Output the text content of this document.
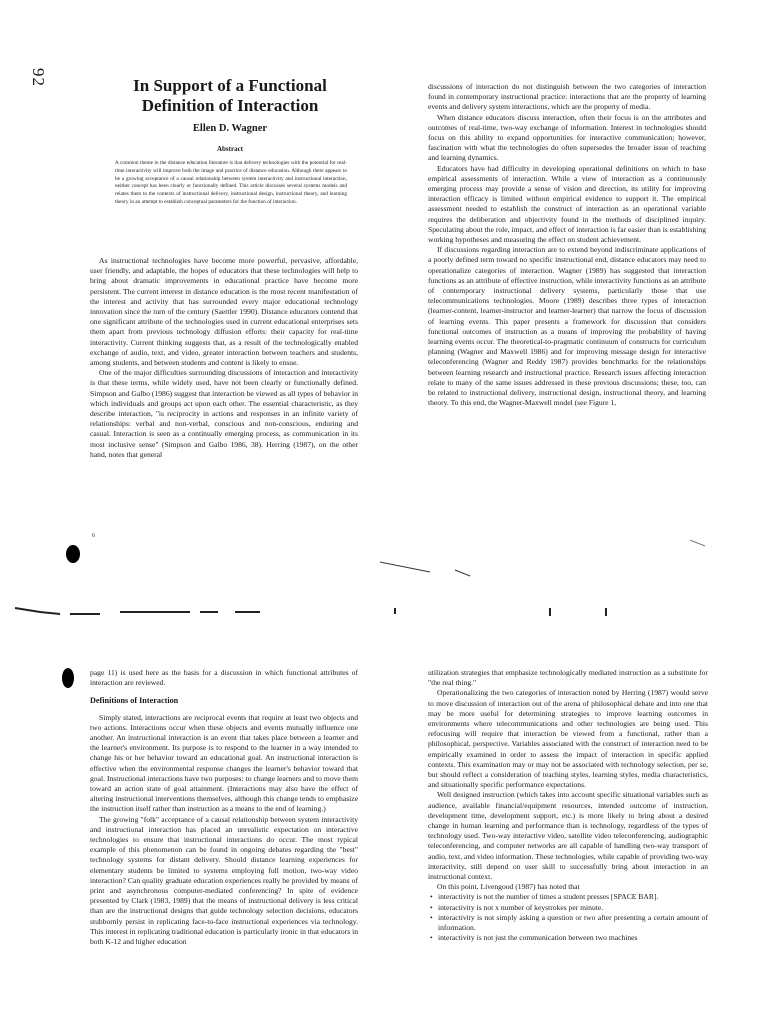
92	In Support of a Functional
Definition of Interaction
Ellen D. Wagner
Abstract
A common theme in the distance education literature is that delivery technologies with the potential for real-time interactivity will improve both the image and practice of distance education. Although there appears to be a growing acceptance of a causal relationship between system interactivity and instructional interaction, neither concept has been clearly or functionally defined. This article discusses several systems models and relates them to the contexts of instructional delivery, instructional design, instructional theory, and learning theory in an attempt to establish conceptual parameters for the function of interaction.

As instructional technologies have become more powerful, pervasive, affordable, user friendly, and adaptable, the hopes of educators that these technologies will help to bring about dramatic improvements in educational practice have become more persistent. The current interest in distance education is the most recent manifestation of the interest and activity that has surrounded every major educational technology innovation since the turn of the century (Saettler 1990). Distance educators contend that one significant attribute of the technologies used in current educational enterprises sets them apart from previous technology diffusion efforts: their capacity for real-time interactivity. Current thinking suggests that, as a result of the technologically enabled exchange of audio, text, and video, greater interaction between teachers and students, among students, and between students and content is likely to ensue.

One of the major difficulties surrounding discussions of interaction and interactivity is that these terms, while widely used, have not been clearly or functionally defined. Simpson and Galbo (1986) suggest that interaction be viewed as all types of behavior in which individuals and groups act upon each other. The essential characteristic, as they describe interaction, "is reciprocity in actions and responses in an infinite variety of relationships: verbal and non-verbal, conscious and non-conscious, enduring and casual. Interaction is seen as a continually emerging process, as communication in its most inclusive sense" (Simpson and Galbo 1986, 38). Herring (1987), on the other hand, notes that general

discussions of interaction do not distinguish between the two categories of interaction found in contemporary instructional practice: interactions that are the property of learning events and delivery system interactions, which are the property of media.

When distance educators discuss interaction, often their focus is on the attributes and outcomes of real-time, two-way exchange of information. Interest in technologies should focus on this ability to expand opportunities for interactive communication; however, fascination with what the technologies do often supersedes the broader issue of teaching and learning dynamics.

Educators have had difficulty in developing operational definitions on which to base empirical assessments of interaction. While a view of interaction as a continuously emerging process may provide a sense of vision and direction, its utility for improving interaction efficacy is limited without empirical evidence to support it. The empirical assessment needed to establish the construct of interaction as an operational variable requires the deliberation and objectivity found in the methods of disciplined inquiry. Speculating about the role, impact, and effect of interaction is far easier than is establishing working hypotheses and measuring the effect on student achievement.

If discussions regarding interaction are to extend beyond indiscriminate applications of a poorly defined term toward no specific instructional end, distance educators may need to operationalize categories of interaction. Wagner (1989) has suggested that interaction functions as an attribute of effective instruction, while interactivity functions as an attribute of contemporary instructional delivery systems, particularly those that use telecommunications technologies. Moore (1989) describes three types of interaction (learner-content, learner-instructor and learner-learner) that narrow the focus of discussion of learning events. This paper presents a framework for discussion that considers functional outcomes of instruction as a means of improving the probability of having learning events occur. The theoretical-to-pragmatic continuum of constructs for curriculum planning (Wagner and Maxwell 1986) and for improving message design for interactive teleconferencing (Wagner and Reddy 1987) provides benchmarks for the relationships between learning research and instructional practice. Research issues affecting interaction relate to many of the same issues addressed in these previous discussions; these, too, can be related to instructional delivery, instructional design, instructional theory, and learning theory. To this end, the Wagner-Maxwell model (see Figure 1,

6

page 11) is used here as the basis for a discussion in which functional attributes of interaction are reviewed.

Definitions of Interaction

Simply stated, interactions are reciprocal events that require at least two objects and two actions. Interactions occur when these objects and events mutually influence one another. An instructional interaction is an event that takes place between a learner and the learner's environment. Its purpose is to respond to the learner in a way intended to change his or her behavior toward an educational goal. An instructional interaction is effective when the environmental response changes the learner's behavior toward that goal. Instructional interactions have two purposes: to change learners and to move them toward an action state of goal attainment. (Interactions may also have the effect of altering instructional interventions themselves, although this change tends to emphasize the instruction itself rather than instruction as a means to the end of learning.)

The growing "folk" acceptance of a causal relationship between system interactivity and instructional interaction has placed an unrealistic expectation on interactive technologies to ensure that instructional interactions do occur. The most typical example of this phenomenon can be found in ongoing debates regarding the "best" technology systems for distant delivery. Should distance learning experiences for elementary students be limited to systems employing full motion, two-way video interaction? Can quality graduate education experiences really be provided by means of print and asynchronous computer-mediated conferencing? In spite of evidence presented by Clark (1983, 1989) that the means of instructional delivery is less critical than are the instructional designs that guide technology selection decisions, educators stubbornly persist in replicating face-to-face instructional experiences via technology. This interest in replicating traditional education is particularly ironic in that educators in both K-12 and higher education

utilization strategies that emphasize technologically mediated instruction as a substitute for "the real thing."

Operationalizing the two categories of interaction noted by Herring (1987) would serve to move discussion of interaction out of the arena of philosophical debate and into one that may be more useful for determining strategies to improve learning outcomes in environments where telecommunications and other technologies are being used. This refocusing will require that interaction be viewed from a functional, rather than a philosophical, perspective. Variables associated with the construct of interaction need to be empirically examined in order to assess the impact of interaction in specific applied contexts. This examination may or may not be associated with technology selection, per se, but should reflect a consideration of teaching styles, learning styles, media characteristics, and situationally specific performance expectations.

Well designed instruction (which takes into account specific situational variables such as audience, available financial/equipment resources, intended outcome of instruction, development time, development support, etc.) is more likely to bring about a desired change in human learning and performance than is technology, regardless of the types of technology used. Two-way interactive video, satellite video teleconferencing, audiographic teleconferencing, and computer networks are all capable of handling two-way transport of audio, text, and video information. These technologies, while capable of providing two-way interactivity, still depend on user skill to successfully bring about interaction in an instructional context.

On this point, Livengood (1987) has noted that

• interactivity is not the number of times a student presses [SPACE BAR].
• interactivity is not x number of keystrokes per minute.
• interactivity is not simply asking a question or two after presenting a certain amount of information.
• interactivity is not just the communication between two machines
